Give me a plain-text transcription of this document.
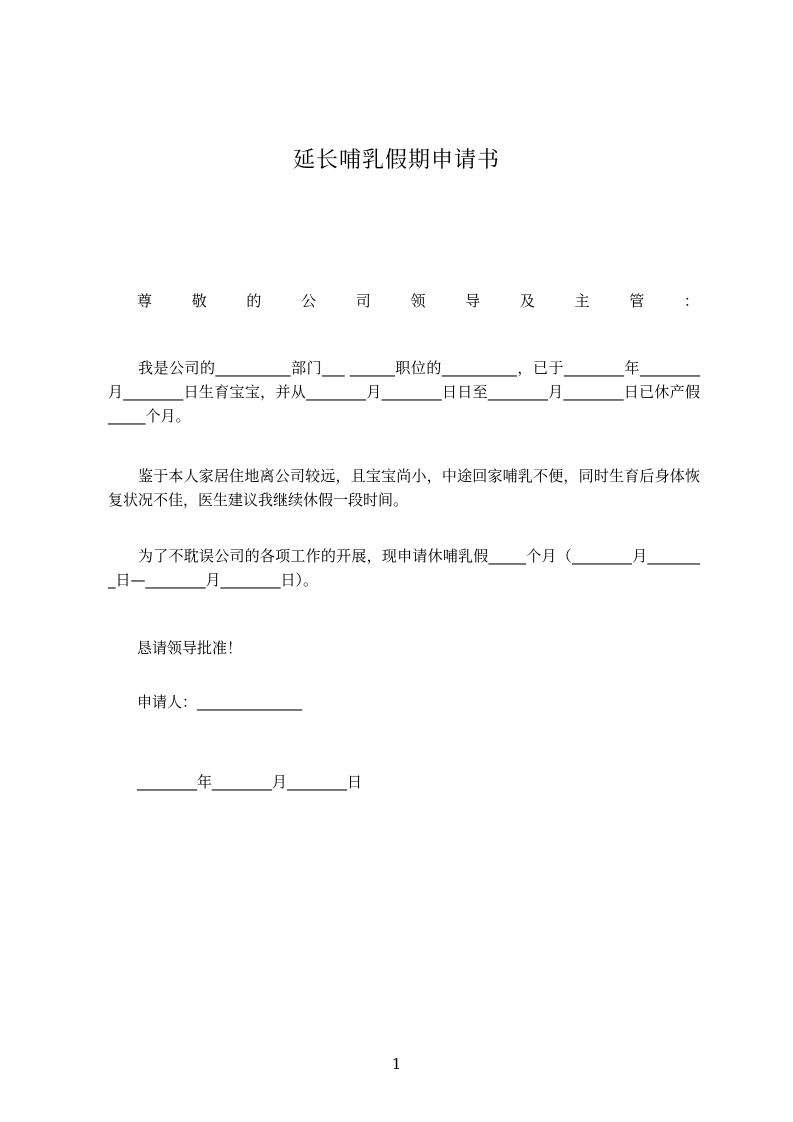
延长哺乳假期申请书
尊	敬	的	公	司	领	导	及	主	管	：

我是公司的__________部门___ ______职位的__________，已于________年________月________日生育宝宝，并从________月________日日至________月________日已休产假_____个月。

鉴于本人家居住地离公司较远，且宝宝尚小，中途回家哺乳不便，同时生育后身体恢复状况不佳，医生建议我继续休假一段时间。

为了不耽误公司的各项工作的开展，现申请休哺乳假_____个月（________月________日—________月________日）。

恳请领导批准！
申请人：______________
________年________月________日
1
